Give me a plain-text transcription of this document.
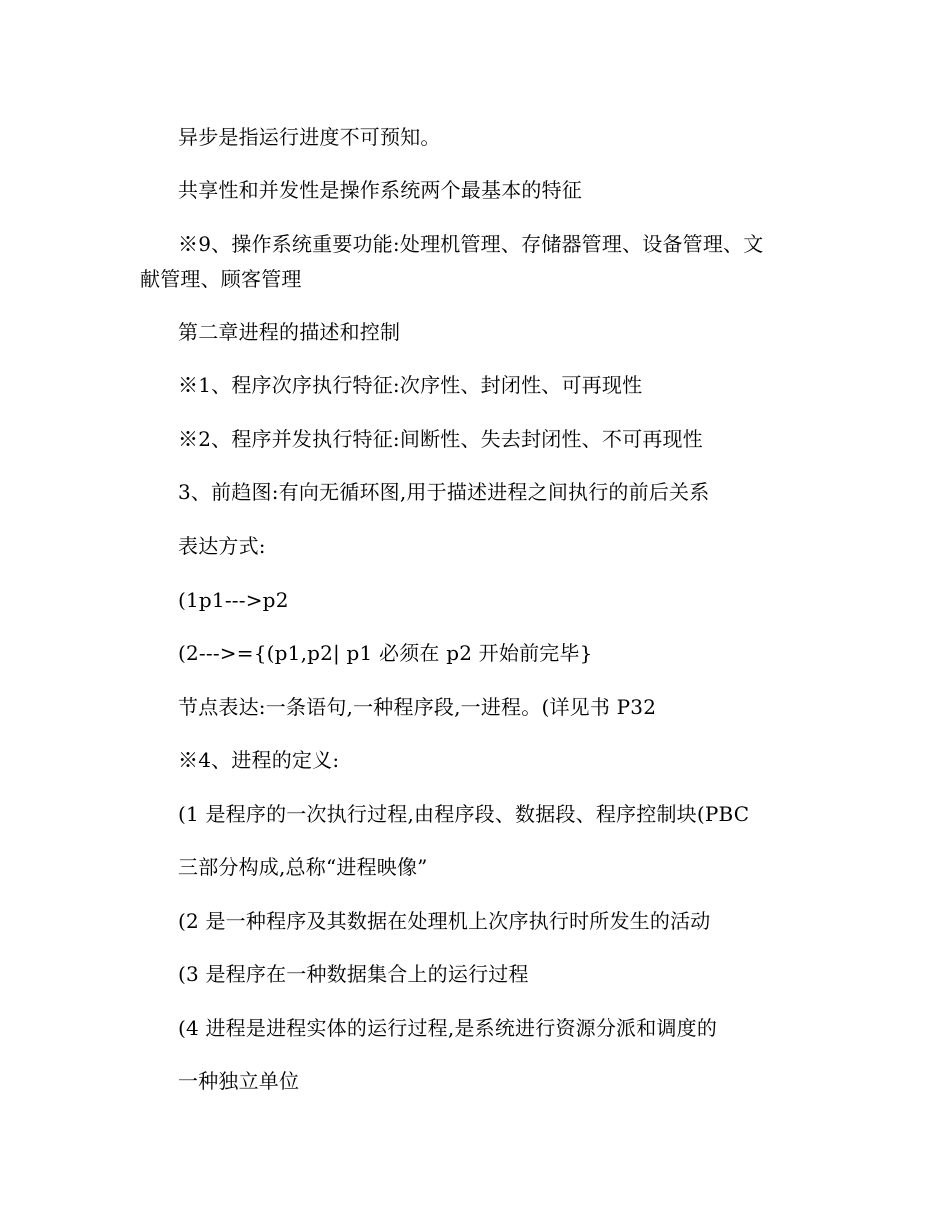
异步是指运行进度不可预知。
共享性和并发性是操作系统两个最基本的特征
※9、操作系统重要功能:处理机管理、存储器管理、设备管理、文
献管理、顾客管理
第二章进程的描述和控制
※1、程序次序执行特征:次序性、封闭性、可再现性
※2、程序并发执行特征:间断性、失去封闭性、不可再现性
3、前趋图:有向无循环图,用于描述进程之间执行的前后关系
表达方式:
(1p1--->p2
(2--->={(p1,p2| p1 必须在 p2 开始前完毕}
节点表达:一条语句,一种程序段,一进程。(详见书 P32
※4、进程的定义:
(1 是程序的一次执行过程,由程序段、数据段、程序控制块(PBC
三部分构成,总称“进程映像”
(2 是一种程序及其数据在处理机上次序执行时所发生的活动
(3 是程序在一种数据集合上的运行过程
(4 进程是进程实体的运行过程,是系统进行资源分派和调度的
一种独立单位
